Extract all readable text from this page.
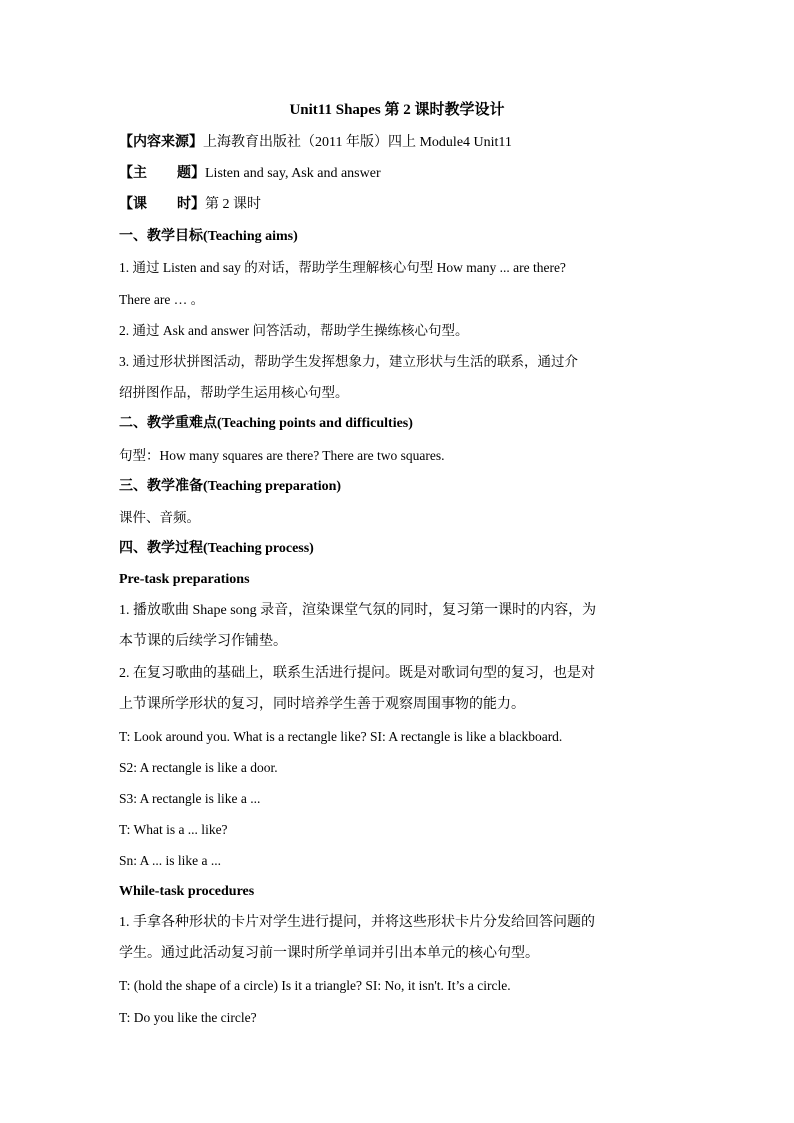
Unit11 Shapes 第 2 课时教学设计
【内容来源】上海教育出版社（2011 年版）四上 Module4 Unit11
【主 题】Listen and say, Ask and answer
【课 时】第 2 课时
一、教学目标(Teaching aims)
1. 通过 Listen and say 的对话，帮助学生理解核心句型 How many ... are there?
There are … 。
2. 通过 Ask and answer 问答活动，帮助学生操练核心句型。
3. 通过形状拼图活动，帮助学生发挥想象力，建立形状与生活的联系，通过介
绍拼图作品，帮助学生运用核心句型。
二、教学重难点(Teaching points and difficulties)
句型：How many squares are there? There are two squares.
三、教学准备(Teaching preparation)
课件、音频。
四、教学过程(Teaching process)
Pre-task preparations
1. 播放歌曲 Shape song 录音，渲染课堂气氛的同时，复习第一课时的内容，为
本节课的后续学习作铺垫。
2. 在复习歌曲的基础上，联系生活进行提问。既是对歌词句型的复习，也是对
上节课所学形状的复习，同时培养学生善于观察周围事物的能力。
T: Look around you. What is a rectangle like? SI: A rectangle is like a blackboard.
S2: A rectangle is like a door.
S3: A rectangle is like a ...
T: What is a ... like?
Sn: A ... is like a ...
While-task procedures
1. 手拿各种形状的卡片对学生进行提问，并将这些形状卡片分发给回答问题的
学生。通过此活动复习前一课时所学单词并引出本单元的核心句型。
T: (hold the shape of a circle) Is it a triangle? SI: No, it isn't. It’s a circle.
T: Do you like the circle?
